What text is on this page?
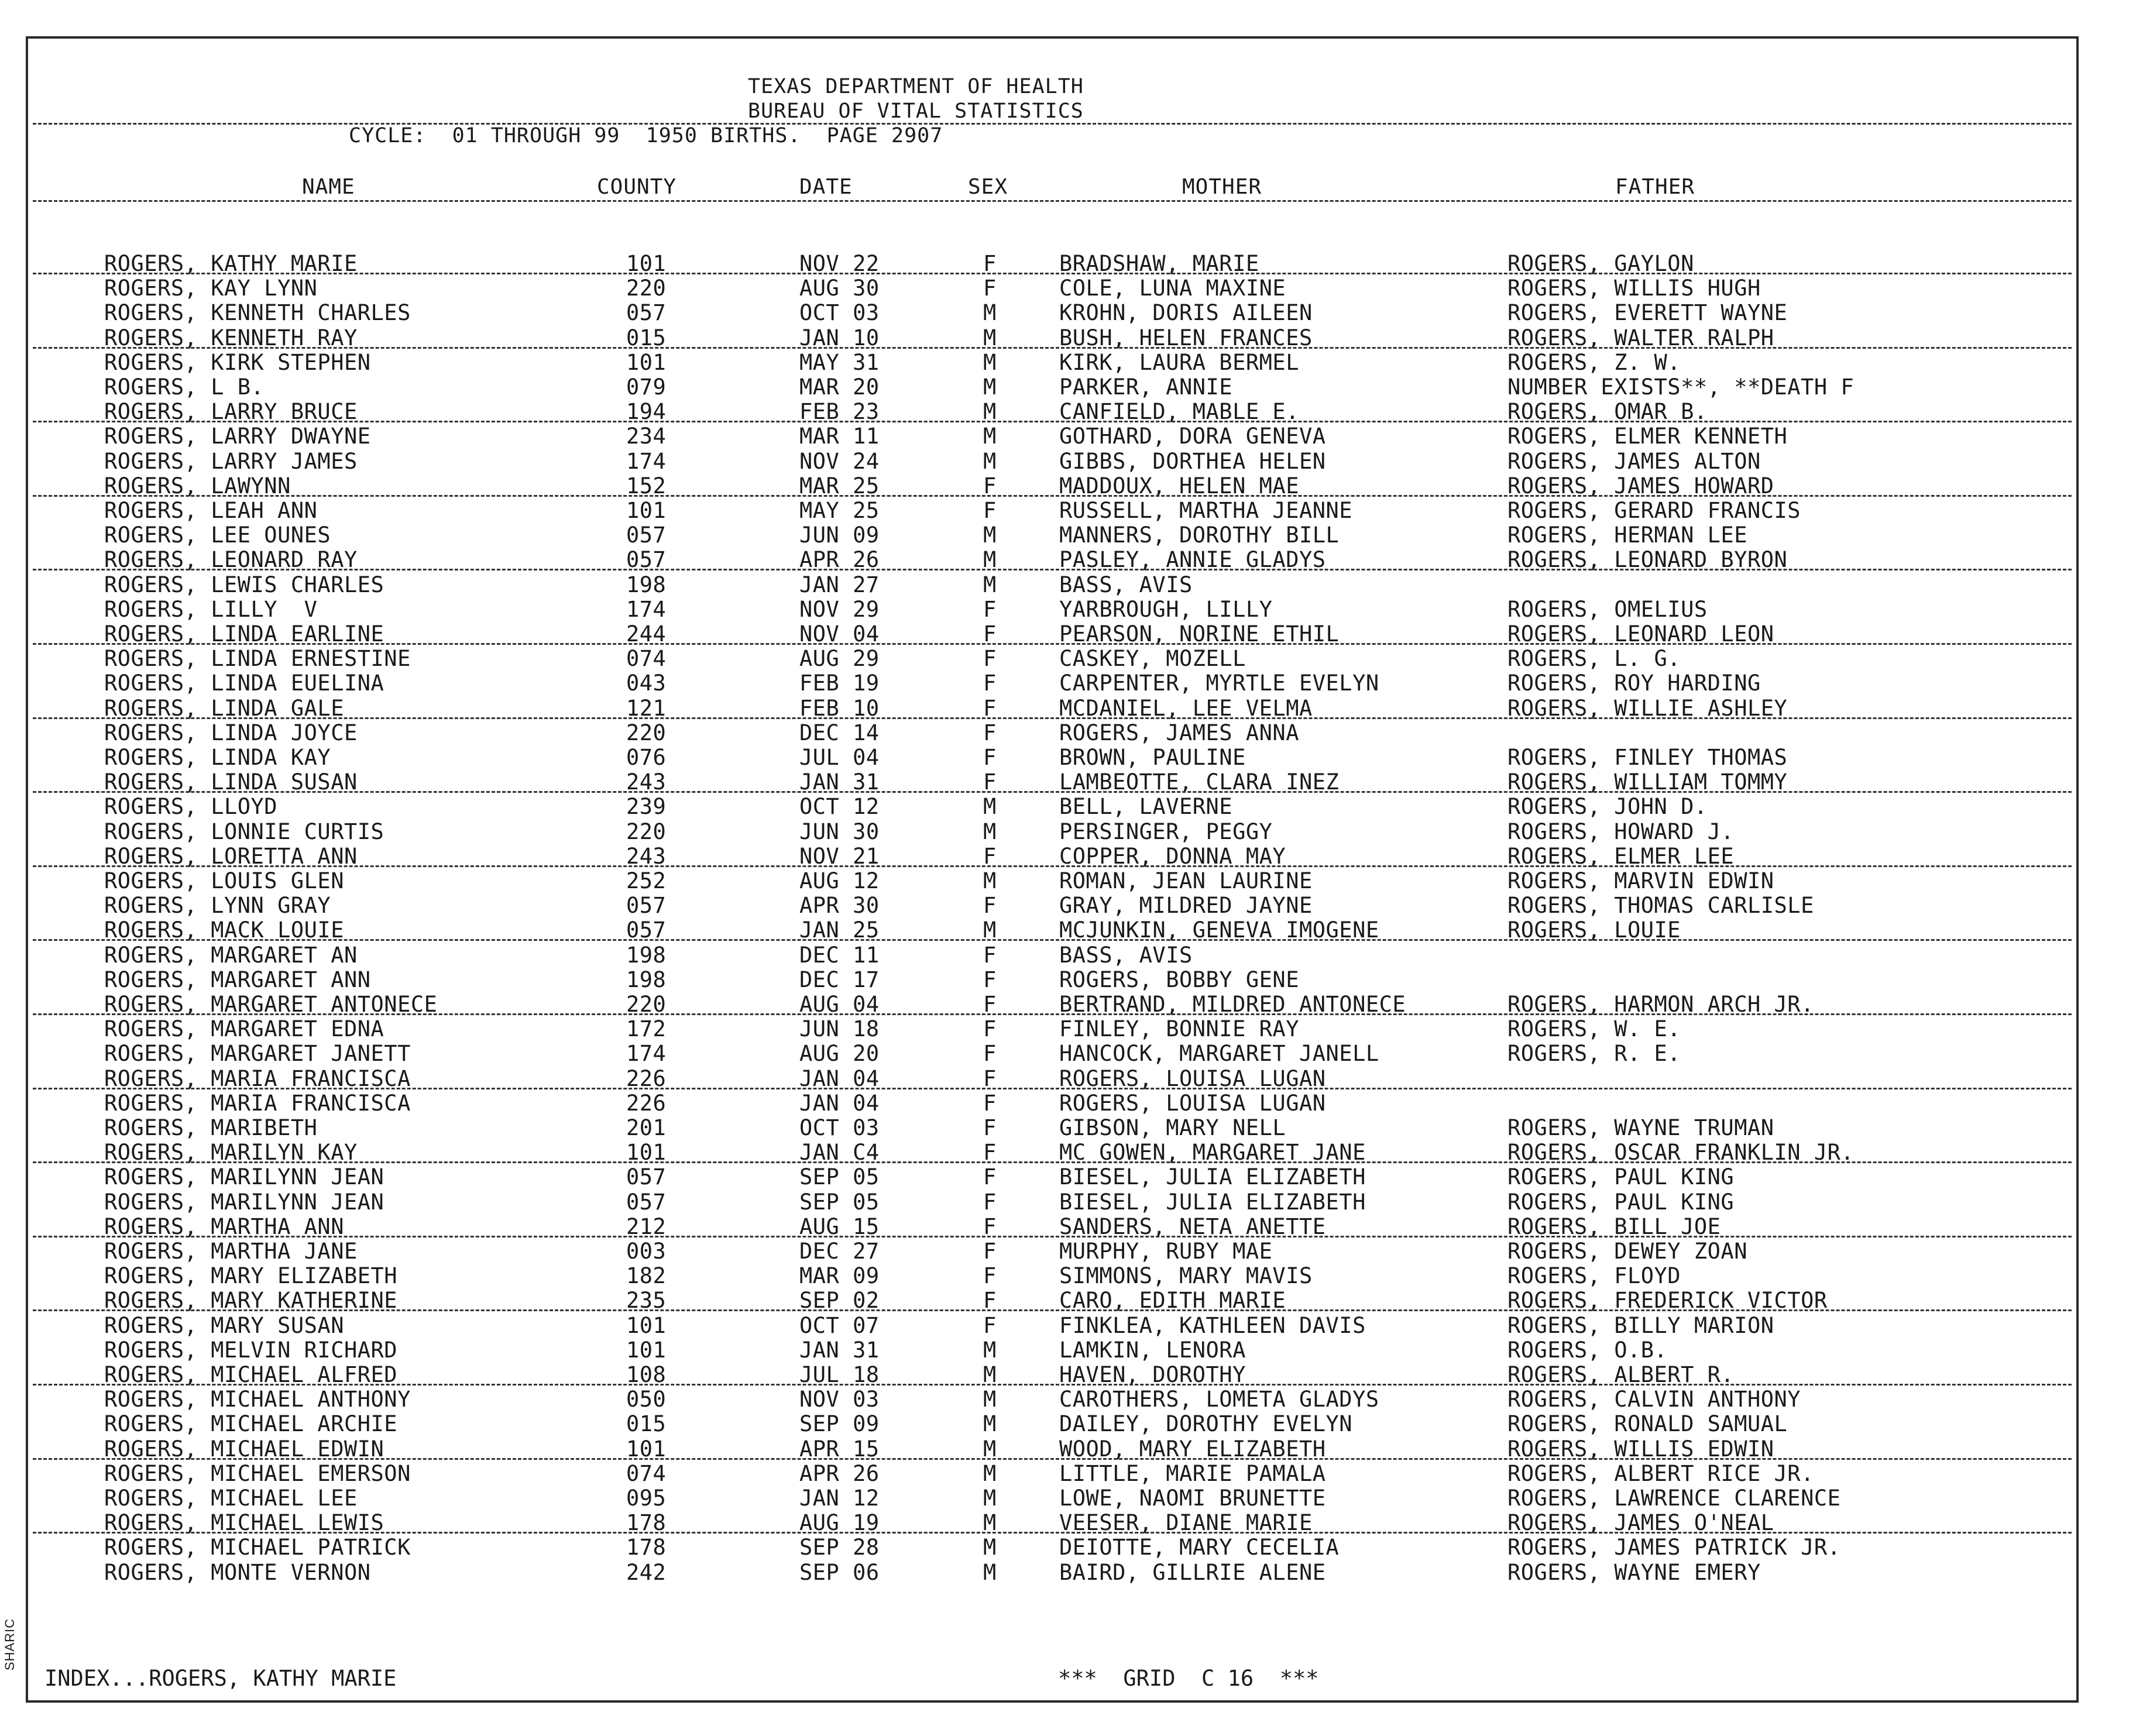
TEXAS DEPARTMENT OF HEALTH
BUREAU OF VITAL STATISTICS
CYCLE:  01 THROUGH 99  1950 BIRTHS.  PAGE 2907
NAME	COUNTY	DATE	SEX	MOTHER	FATHER
ROGERS, KATHY MARIE	101	NOV 22	F	BRADSHAW, MARIE	ROGERS, GAYLON
ROGERS, KAY LYNN	220	AUG 30	F	COLE, LUNA MAXINE	ROGERS, WILLIS HUGH
ROGERS, KENNETH CHARLES	057	OCT 03	M	KROHN, DORIS AILEEN	ROGERS, EVERETT WAYNE
ROGERS, KENNETH RAY	015	JAN 10	M	BUSH, HELEN FRANCES	ROGERS, WALTER RALPH
ROGERS, KIRK STEPHEN	101	MAY 31	M	KIRK, LAURA BERMEL	ROGERS, Z. W.
ROGERS, L B.	079	MAR 20	M	PARKER, ANNIE	NUMBER EXISTS**, **DEATH F
ROGERS, LARRY BRUCE	194	FEB 23	M	CANFIELD, MABLE E.	ROGERS, OMAR B.
ROGERS, LARRY DWAYNE	234	MAR 11	M	GOTHARD, DORA GENEVA	ROGERS, ELMER KENNETH
ROGERS, LARRY JAMES	174	NOV 24	M	GIBBS, DORTHEA HELEN	ROGERS, JAMES ALTON
ROGERS, LAWYNN	152	MAR 25	F	MADDOUX, HELEN MAE	ROGERS, JAMES HOWARD
ROGERS, LEAH ANN	101	MAY 25	F	RUSSELL, MARTHA JEANNE	ROGERS, GERARD FRANCIS
ROGERS, LEE OUNES	057	JUN 09	M	MANNERS, DOROTHY BILL	ROGERS, HERMAN LEE
ROGERS, LEONARD RAY	057	APR 26	M	PASLEY, ANNIE GLADYS	ROGERS, LEONARD BYRON
ROGERS, LEWIS CHARLES	198	JAN 27	M	BASS, AVIS
ROGERS, LILLY  V	174	NOV 29	F	YARBROUGH, LILLY	ROGERS, OMELIUS
ROGERS, LINDA EARLINE	244	NOV 04	F	PEARSON, NORINE ETHIL	ROGERS, LEONARD LEON
ROGERS, LINDA ERNESTINE	074	AUG 29	F	CASKEY, MOZELL	ROGERS, L. G.
ROGERS, LINDA EUELINA	043	FEB 19	F	CARPENTER, MYRTLE EVELYN	ROGERS, ROY HARDING
ROGERS, LINDA GALE	121	FEB 10	F	MCDANIEL, LEE VELMA	ROGERS, WILLIE ASHLEY
ROGERS, LINDA JOYCE	220	DEC 14	F	ROGERS, JAMES ANNA
ROGERS, LINDA KAY	076	JUL 04	F	BROWN, PAULINE	ROGERS, FINLEY THOMAS
ROGERS, LINDA SUSAN	243	JAN 31	F	LAMBEOTTE, CLARA INEZ	ROGERS, WILLIAM TOMMY
ROGERS, LLOYD	239	OCT 12	M	BELL, LAVERNE	ROGERS, JOHN D.
ROGERS, LONNIE CURTIS	220	JUN 30	M	PERSINGER, PEGGY	ROGERS, HOWARD J.
ROGERS, LORETTA ANN	243	NOV 21	F	COPPER, DONNA MAY	ROGERS, ELMER LEE
ROGERS, LOUIS GLEN	252	AUG 12	M	ROMAN, JEAN LAURINE	ROGERS, MARVIN EDWIN
ROGERS, LYNN GRAY	057	APR 30	F	GRAY, MILDRED JAYNE	ROGERS, THOMAS CARLISLE
ROGERS, MACK LOUIE	057	JAN 25	M	MCJUNKIN, GENEVA IMOGENE	ROGERS, LOUIE
ROGERS, MARGARET AN	198	DEC 11	F	BASS, AVIS
ROGERS, MARGARET ANN	198	DEC 17	F	ROGERS, BOBBY GENE
ROGERS, MARGARET ANTONECE	220	AUG 04	F	BERTRAND, MILDRED ANTONECE	ROGERS, HARMON ARCH JR.
ROGERS, MARGARET EDNA	172	JUN 18	F	FINLEY, BONNIE RAY	ROGERS, W. E.
ROGERS, MARGARET JANETT	174	AUG 20	F	HANCOCK, MARGARET JANELL	ROGERS, R. E.
ROGERS, MARIA FRANCISCA	226	JAN 04	F	ROGERS, LOUISA LUGAN
ROGERS, MARIA FRANCISCA	226	JAN 04	F	ROGERS, LOUISA LUGAN
ROGERS, MARIBETH	201	OCT 03	F	GIBSON, MARY NELL	ROGERS, WAYNE TRUMAN
ROGERS, MARILYN KAY	101	JAN C4	F	MC GOWEN, MARGARET JANE	ROGERS, OSCAR FRANKLIN JR.
ROGERS, MARILYNN JEAN	057	SEP 05	F	BIESEL, JULIA ELIZABETH	ROGERS, PAUL KING
ROGERS, MARILYNN JEAN	057	SEP 05	F	BIESEL, JULIA ELIZABETH	ROGERS, PAUL KING
ROGERS, MARTHA ANN	212	AUG 15	F	SANDERS, NETA ANETTE	ROGERS, BILL JOE
ROGERS, MARTHA JANE	003	DEC 27	F	MURPHY, RUBY MAE	ROGERS, DEWEY ZOAN
ROGERS, MARY ELIZABETH	182	MAR 09	F	SIMMONS, MARY MAVIS	ROGERS, FLOYD
ROGERS, MARY KATHERINE	235	SEP 02	F	CARO, EDITH MARIE	ROGERS, FREDERICK VICTOR
ROGERS, MARY SUSAN	101	OCT 07	F	FINKLEA, KATHLEEN DAVIS	ROGERS, BILLY MARION
ROGERS, MELVIN RICHARD	101	JAN 31	M	LAMKIN, LENORA	ROGERS, O.B.
ROGERS, MICHAEL ALFRED	108	JUL 18	M	HAVEN, DOROTHY	ROGERS, ALBERT R.
ROGERS, MICHAEL ANTHONY	050	NOV 03	M	CAROTHERS, LOMETA GLADYS	ROGERS, CALVIN ANTHONY
ROGERS, MICHAEL ARCHIE	015	SEP 09	M	DAILEY, DOROTHY EVELYN	ROGERS, RONALD SAMUAL
ROGERS, MICHAEL EDWIN	101	APR 15	M	WOOD, MARY ELIZABETH	ROGERS, WILLIS EDWIN
ROGERS, MICHAEL EMERSON	074	APR 26	M	LITTLE, MARIE PAMALA	ROGERS, ALBERT RICE JR.
ROGERS, MICHAEL LEE	095	JAN 12	M	LOWE, NAOMI BRUNETTE	ROGERS, LAWRENCE CLARENCE
ROGERS, MICHAEL LEWIS	178	AUG 19	M	VEESER, DIANE MARIE	ROGERS, JAMES O'NEAL
ROGERS, MICHAEL PATRICK	178	SEP 28	M	DEIOTTE, MARY CECELIA	ROGERS, JAMES PATRICK JR.
ROGERS, MONTE VERNON	242	SEP 06	M	BAIRD, GILLRIE ALENE	ROGERS, WAYNE EMERY
INDEX...ROGERS, KATHY MARIE	***  GRID  C 16  ***
SHARIC
